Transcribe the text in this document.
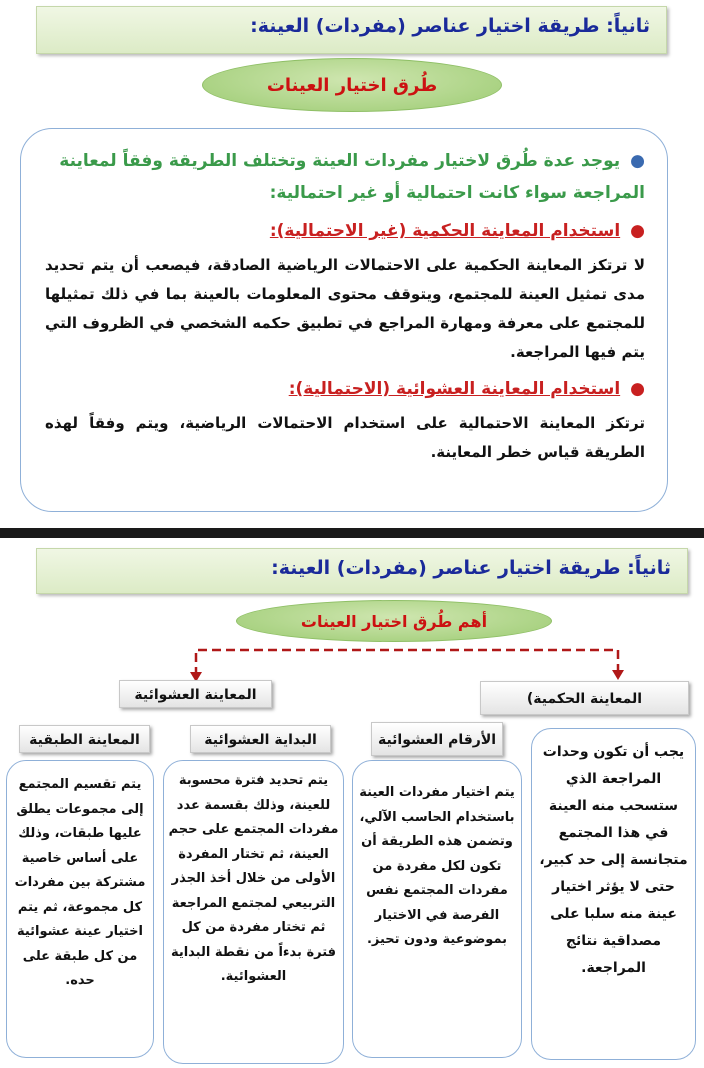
ثانياً: طريقة اختيار عناصر (مفردات) العينة:
طُرق اختيار العينات
●يوجد عدة طُرق لاختيار مفردات العينة وتختلف الطريقة وفقاً لمعاينة المراجعة سواء كانت احتمالية أو غير احتمالية:
●استخدام المعاينة الحكمية (غير الاحتمالية):
لا ترتكز المعاينة الحكمية على الاحتمالات الرياضية الصادقة، فيصعب أن يتم تحديد مدى تمثيل العينة للمجتمع، ويتوقف محتوى المعلومات بالعينة بما في ذلك تمثيلها للمجتمع على معرفة ومهارة المراجع في تطبيق حكمه الشخصي في الظروف التي يتم فيها المراجعة.
●استخدام المعاينة العشوائية (الاحتمالية):
ترتكز المعاينة الاحتمالية على استخدام الاحتمالات الرياضية، ويتم وفقاً لهذه الطريقة قياس خطر المعاينة.
ثانياً: طريقة اختيار عناصر (مفردات) العينة:
أهم طُرق اختيار العينات
المعاينة العشوائية	المعاينة الحكمية)
المعاينة الطبقية	البداية العشوائية	الأرقام العشوائية
يتم تقسيم المجتمع إلى مجموعات يطلق عليها طبقات، وذلك على أساس خاصية مشتركة بين مفردات كل مجموعة، ثم يتم اختيار عينة عشوائية من كل طبقة على حده.
يتم تحديد فترة محسوبة للعينة، وذلك بقسمة عدد مفردات المجتمع على حجم العينة، ثم تختار المفردة الأولى من خلال أخذ الجذر التربيعي لمجتمع المراجعة ثم تختار مفردة من كل فترة بدءاً من نقطة البداية العشوائية.
يتم اختيار مفردات العينة باستخدام الحاسب الآلي، وتضمن هذه الطريقة أن تكون لكل مفردة من مفردات المجتمع نفس الفرصة في الاختيار بموضوعية ودون تحيز.
يجب أن تكون وحدات المراجعة الذي ستسحب منه العينة في هذا المجتمع متجانسة إلى حد كبير، حتى لا يؤثر اختيار عينة منه سلبا على مصداقية نتائج المراجعة.
